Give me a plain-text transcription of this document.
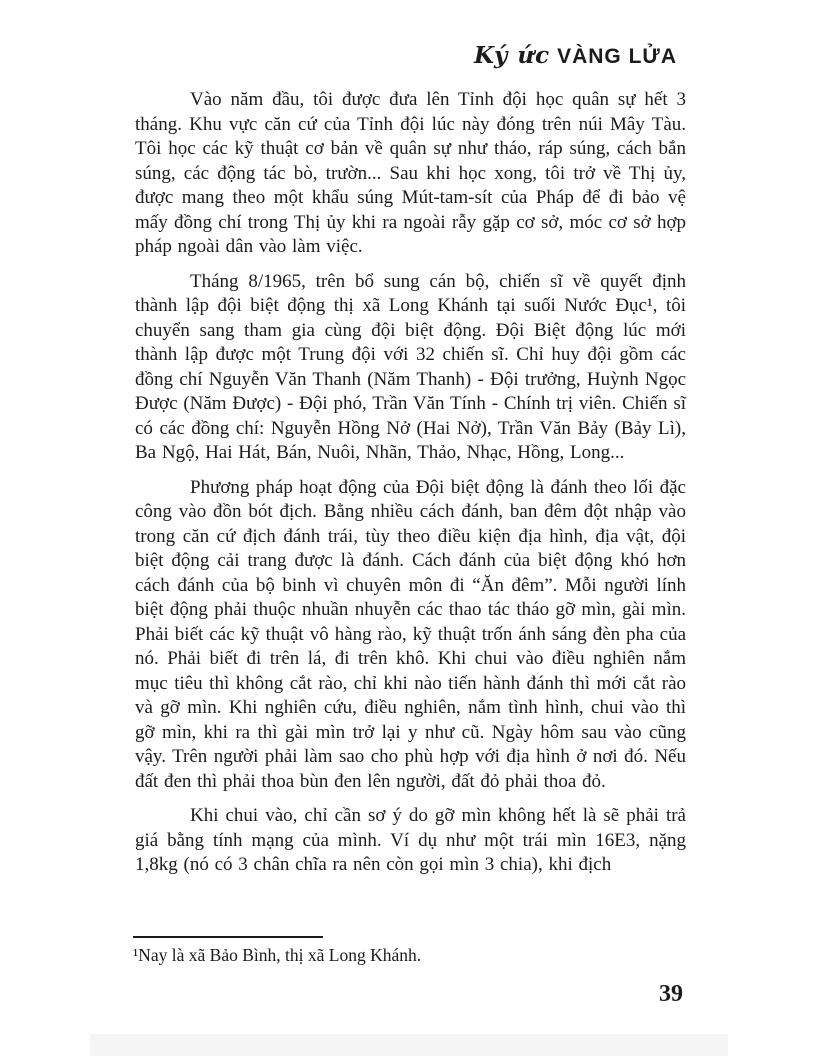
Ký ức VÀNG LỬA

Vào năm đầu, tôi được đưa lên Tỉnh đội học quân sự hết 3 tháng. Khu vực căn cứ của Tỉnh đội lúc này đóng trên núi Mây Tàu. Tôi học các kỹ thuật cơ bản về quân sự như tháo, ráp súng, cách bắn súng, các động tác bò, trườn... Sau khi học xong, tôi trở về Thị ủy, được mang theo một khẩu súng Mút-tam-sít của Pháp để đi bảo vệ mấy đồng chí trong Thị ủy khi ra ngoài rẫy gặp cơ sở, móc cơ sở hợp pháp ngoài dân vào làm việc.

Tháng 8/1965, trên bổ sung cán bộ, chiến sĩ về quyết định thành lập đội biệt động thị xã Long Khánh tại suối Nước Đục¹, tôi chuyển sang tham gia cùng đội biệt động. Đội Biệt động lúc mới thành lập được một Trung đội với 32 chiến sĩ. Chỉ huy đội gồm các đồng chí Nguyễn Văn Thanh (Năm Thanh) - Đội trưởng, Huỳnh Ngọc Được (Năm Được) - Đội phó, Trần Văn Tính - Chính trị viên. Chiến sĩ có các đồng chí: Nguyễn Hồng Nở (Hai Nở), Trần Văn Bảy (Bảy Lì), Ba Ngộ, Hai Hát, Bán, Nuôi, Nhãn, Thảo, Nhạc, Hồng, Long...

Phương pháp hoạt động của Đội biệt động là đánh theo lối đặc công vào đồn bót địch. Bằng nhiều cách đánh, ban đêm đột nhập vào trong căn cứ địch đánh trái, tùy theo điều kiện địa hình, địa vật, đội biệt động cải trang được là đánh. Cách đánh của biệt động khó hơn cách đánh của bộ binh vì chuyên môn đi “Ăn đêm”. Mỗi người lính biệt động phải thuộc nhuần nhuyễn các thao tác tháo gỡ mìn, gài mìn. Phải biết các kỹ thuật vô hàng rào, kỹ thuật trốn ánh sáng đèn pha của nó. Phải biết đi trên lá, đi trên khô. Khi chui vào điều nghiên nắm mục tiêu thì không cắt rào, chỉ khi nào tiến hành đánh thì mới cắt rào và gỡ mìn. Khi nghiên cứu, điều nghiên, nắm tình hình, chui vào thì gỡ mìn, khi ra thì gài mìn trở lại y như cũ. Ngày hôm sau vào cũng vậy. Trên người phải làm sao cho phù hợp với địa hình ở nơi đó. Nếu đất đen thì phải thoa bùn đen lên người, đất đỏ phải thoa đỏ.

Khi chui vào, chỉ cần sơ ý do gỡ mìn không hết là sẽ phải trả giá bằng tính mạng của mình. Ví dụ như một trái mìn 16E3, nặng 1,8kg (nó có 3 chân chĩa ra nên còn gọi mìn 3 chia), khi địch

¹Nay là xã Bảo Bình, thị xã Long Khánh.

39
